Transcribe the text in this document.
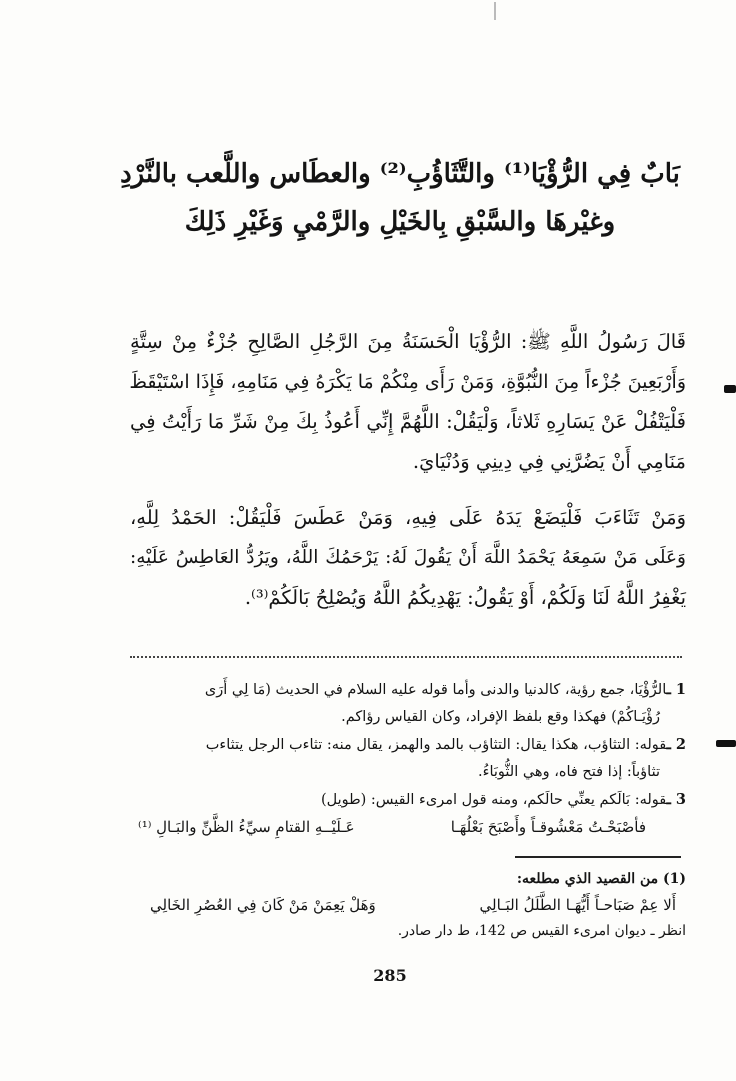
بَابٌ فِي الرُّؤْيَا⁽¹⁾ والتَّثَاؤُبِ⁽²⁾ والعطَاس واللَّعب بالنَّرْدِ
وغيْرهَا والسَّبْقِ بِالخَيْلِ والرَّمْيِ وَغَيْرِ ذَلِكَ
قَالَ رَسُولُ اللَّهِ ﷺ: الرُّؤْيَا الْحَسَنَةُ مِنَ الرَّجُلِ الصَّالِحِ جُزْءٌ مِنْ سِتَّةٍ
وَأَرْبَعِينَ جُزْءاً مِنَ النُّبُوَّةِ، وَمَنْ رَأَى مِنْكُمْ مَا يَكْرَهُ فِي مَنَامِهِ، فَإِذَا اسْتَيْقَظَ
فَلْيَتْفُلْ عَنْ يَسَارِهِ ثَلاثاً، وَلْيَقُلْ: اللَّهُمَّ إِنِّي أَعُوذُ بِكَ مِنْ شَرِّ مَا رَأَيْتُ فِي
مَنَامِي أَنْ يَضُرَّنِي فِي دِينِي وَدُنْيَايَ.
وَمَنْ تَثَاءَبَ فَلْيَضَعْ يَدَهُ عَلَى فِيهِ، وَمَنْ عَطَسَ فَلْيَقُلْ: الحَمْدُ لِلَّهِ،
وَعَلَى مَنْ سَمِعَهُ يَحْمَدُ اللَّهَ أَنْ يَقُولَ لَهُ: يَرْحَمُكَ اللَّهُ، ويَرُدُّ العَاطِسُ عَلَيْهِ:
يَغْفِرُ اللَّهُ لَنَا وَلَكُمْ، أَوْ يَقُولُ: يَهْدِيكُمُ اللَّهُ وَيُصْلِحُ بَالَكُمْ⁽³⁾.
1 ـالرُّؤْيَا، جمع رؤية، كالدنيا والدنى وأما قوله عليه السلام في الحديث (مَا لِي أَرَى
رُؤْيَـاكُمْ) فهكذا وقع بلفظ الإفراد، وكان القياس رؤاكم.
2 ـقوله: التثاؤب، هكذا يقال: التثاؤب بالمد والهمز، يقال منه: تثاءب الرجل يتثاءب
تثاؤباً: إذا فتح فاه، وهي الثُّوبَاءُ.
3 ـقوله: بَالَكم يعنِّي حالَكم، ومنه قول امرىء القيس: (طويل)
فأصْبَحْـتُ مَعْشُوقـاً وأَصْبَحَ بَعْلُهَـا
عَـلَيْــهِ القتامِ سيِّءُ الظَّنِّ والبَـالِ ⁽¹⁾
(1) من القصيد الذي مطلعه:
أَلا عِمْ صَبَاحـاً أَيُّهَـا الطَّلَلُ البَـالِي
وَهَلْ يَعِمَنْ مَنْ كَانَ فِي العُصُرِ الخَالِي
انظر ـ ديوان امرىء القيس ص 142، ط دار صادر.
285
